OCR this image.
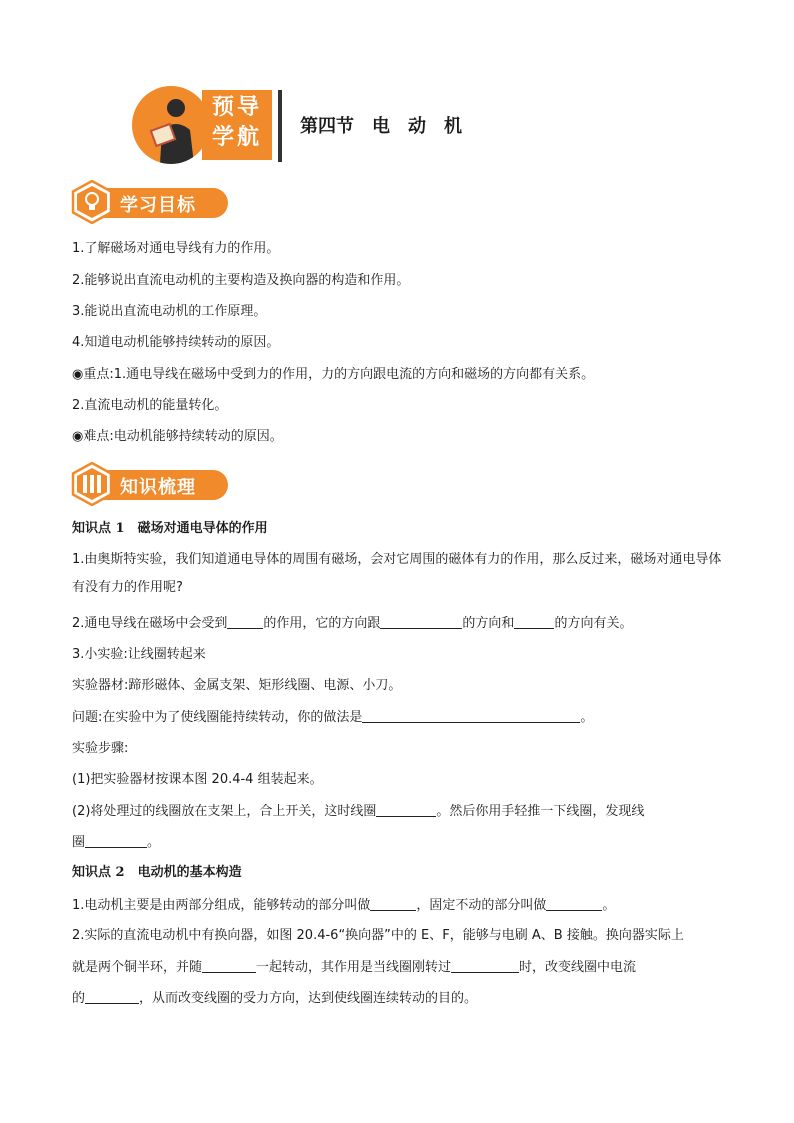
预导
学航	第四节　电　动　机
学习目标
1.了解磁场对通电导线有力的作用。
2.能够说出直流电动机的主要构造及换向器的构造和作用。
3.能说出直流电动机的工作原理。
4.知道电动机能够持续转动的原因。
◉重点:1.通电导线在磁场中受到力的作用，力的方向跟电流的方向和磁场的方向都有关系。
2.直流电动机的能量转化。
◉难点:电动机能够持续转动的原因。
知识梳理
知识点 1　磁场对通电导体的作用
1.由奥斯特实验，我们知道通电导体的周围有磁场，会对它周围的磁体有力的作用，那么反过来，磁场对通电导体有没有力的作用呢?
2.通电导线在磁场中会受到	的作用，它的方向跟	的方向和	的方向有关。
3.小实验:让线圈转起来
实验器材:蹄形磁体、金属支架、矩形线圈、电源、小刀。
问题:在实验中为了使线圈能持续转动，你的做法是	。
实验步骤:
(1)把实验器材按课本图 20.4-4 组装起来。
(2)将处理过的线圈放在支架上，合上开关，这时线圈	。然后你用手轻推一下线圈，发现线
圈	。
知识点 2　电动机的基本构造
1.电动机主要是由两部分组成，能够转动的部分叫做	，固定不动的部分叫做	。
2.实际的直流电动机中有换向器，如图 20.4-6“换向器”中的 E、F，能够与电刷 A、B 接触。换向器实际上
就是两个铜半环，并随	一起转动，其作用是当线圈刚转过	时，改变线圈中电流
的	，从而改变线圈的受力方向，达到使线圈连续转动的目的。
